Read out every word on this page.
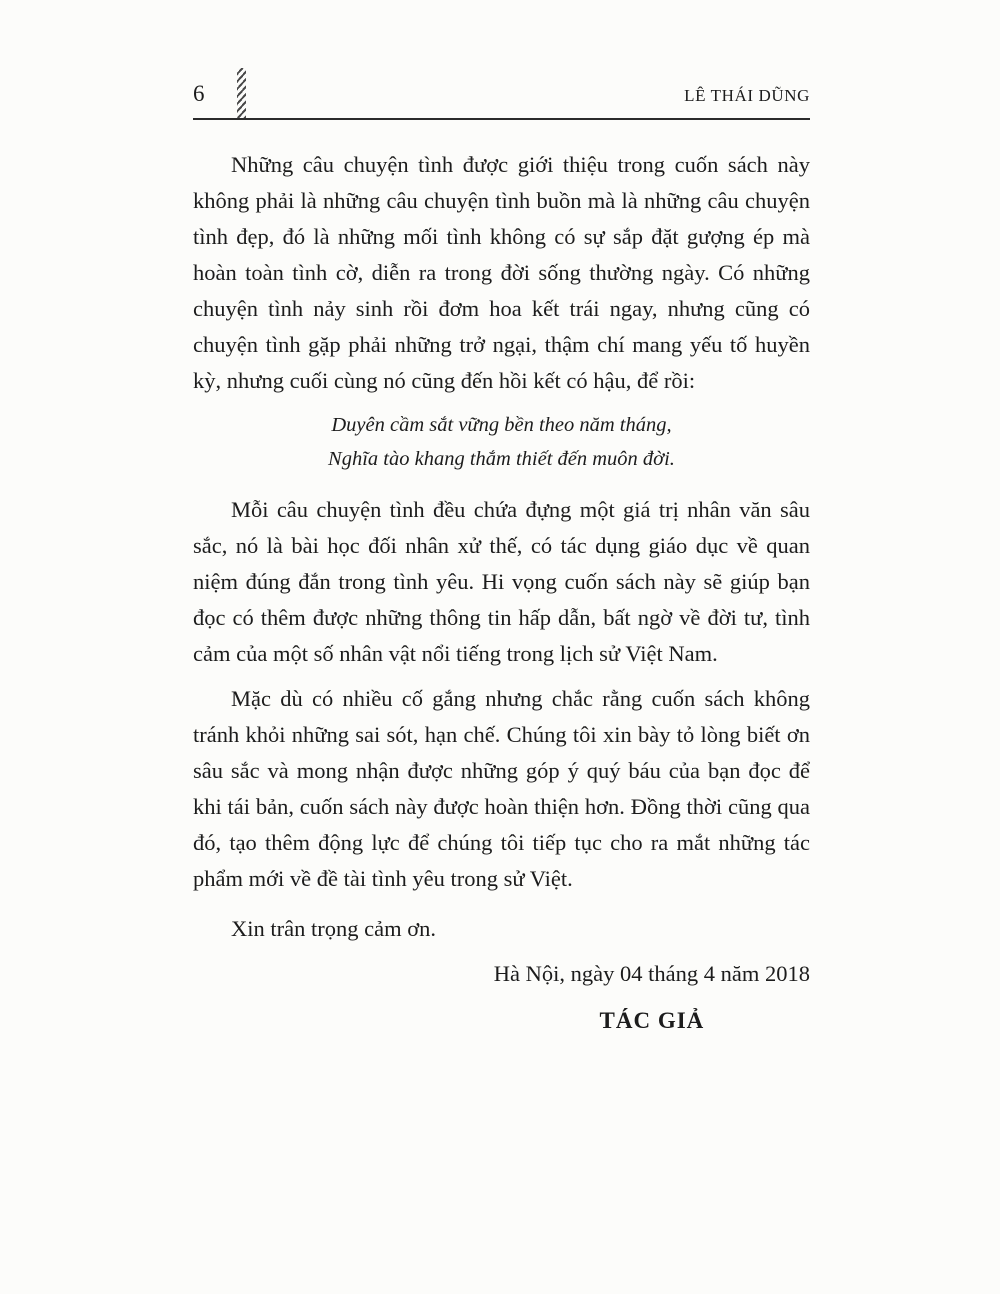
6	LÊ THÁI DŨNG

Những câu chuyện tình được giới thiệu trong cuốn sách này không phải là những câu chuyện tình buồn mà là những câu chuyện tình đẹp, đó là những mối tình không có sự sắp đặt gượng ép mà hoàn toàn tình cờ, diễn ra trong đời sống thường ngày. Có những chuyện tình nảy sinh rồi đơm hoa kết trái ngay, nhưng cũng có chuyện tình gặp phải những trở ngại, thậm chí mang yếu tố huyền kỳ, nhưng cuối cùng nó cũng đến hồi kết có hậu, để rồi:

Duyên cầm sắt vững bền theo năm tháng,
Nghĩa tào khang thắm thiết đến muôn đời.

Mỗi câu chuyện tình đều chứa đựng một giá trị nhân văn sâu sắc, nó là bài học đối nhân xử thế, có tác dụng giáo dục về quan niệm đúng đắn trong tình yêu. Hi vọng cuốn sách này sẽ giúp bạn đọc có thêm được những thông tin hấp dẫn, bất ngờ về đời tư, tình cảm của một số nhân vật nổi tiếng trong lịch sử Việt Nam.

Mặc dù có nhiều cố gắng nhưng chắc rằng cuốn sách không tránh khỏi những sai sót, hạn chế. Chúng tôi xin bày tỏ lòng biết ơn sâu sắc và mong nhận được những góp ý quý báu của bạn đọc để khi tái bản, cuốn sách này được hoàn thiện hơn. Đồng thời cũng qua đó, tạo thêm động lực để chúng tôi tiếp tục cho ra mắt những tác phẩm mới về đề tài tình yêu trong sử Việt.

Xin trân trọng cảm ơn.

Hà Nội, ngày 04 tháng 4 năm 2018
TÁC GIẢ
